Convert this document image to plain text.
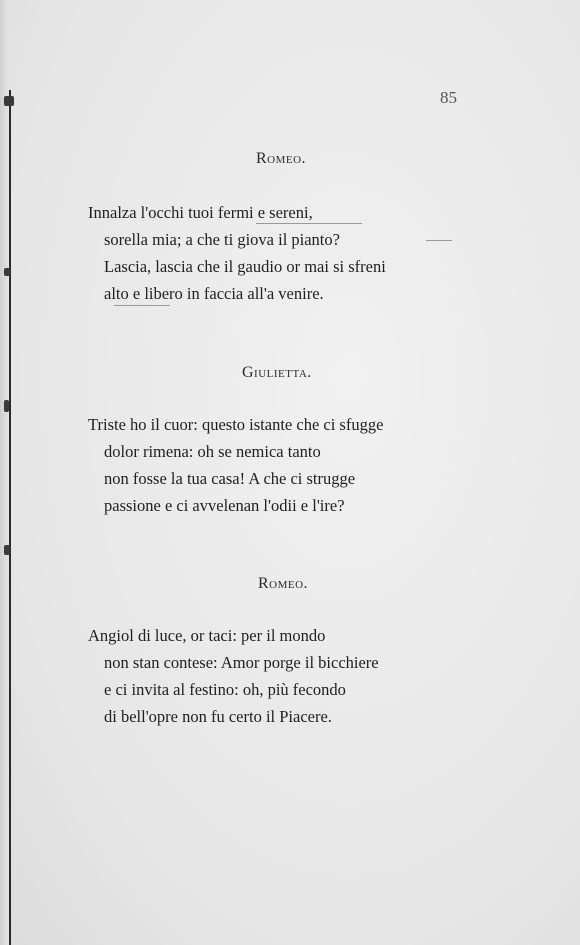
85
Romeo.
Innalza l'occhi tuoi fermi e sereni,
sorella mia; a che ti giova il pianto?
Lascia, lascia che il gaudio or mai si sfreni
alto e libero in faccia all'a venire.
Giulietta.
Triste ho il cuor: questo istante che ci sfugge
dolor rimena: oh se nemica tanto
non fosse la tua casa! A che ci strugge
passione e ci avvelenan l'odii e l'ire?
Romeo.
Angiol di luce, or taci: per il mondo
non stan contese: Amor porge il bicchiere
e ci invita al festino: oh, più fecondo
di bell'opre non fu certo il Piacere.
